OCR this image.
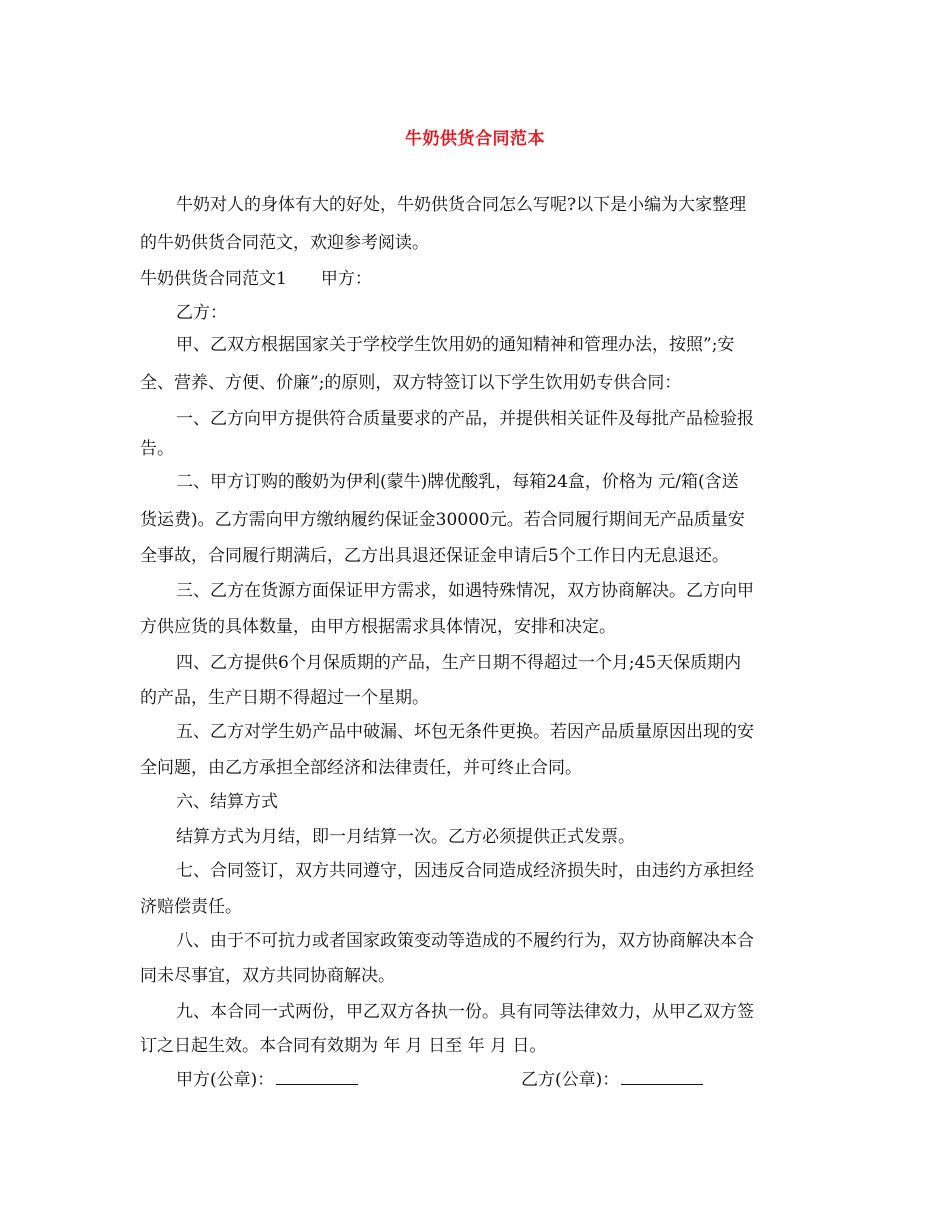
牛奶供货合同范本
牛奶对人的身体有大的好处，牛奶供货合同怎么写呢?以下是小编为大家整理
的牛奶供货合同范文，欢迎参考阅读。
牛奶供货合同范文1　　甲方：
乙方：
甲、乙双方根据国家关于学校学生饮用奶的通知精神和管理办法，按照”;安
全、营养、方便、价廉”;的原则，双方特签订以下学生饮用奶专供合同：
一、乙方向甲方提供符合质量要求的产品，并提供相关证件及每批产品检验报
告。
二、甲方订购的酸奶为伊利(蒙牛)牌优酸乳，每箱24盒，价格为 元/箱(含送
货运费)。乙方需向甲方缴纳履约保证金30000元。若合同履行期间无产品质量安
全事故，合同履行期满后，乙方出具退还保证金申请后5个工作日内无息退还。
三、乙方在货源方面保证甲方需求，如遇特殊情况，双方协商解决。乙方向甲
方供应货的具体数量，由甲方根据需求具体情况，安排和决定。
四、乙方提供6个月保质期的产品，生产日期不得超过一个月;45天保质期内
的产品，生产日期不得超过一个星期。
五、乙方对学生奶产品中破漏、坏包无条件更换。若因产品质量原因出现的安
全问题，由乙方承担全部经济和法律责任，并可终止合同。
六、结算方式
结算方式为月结，即一月结算一次。乙方必须提供正式发票。
七、合同签订，双方共同遵守，因违反合同造成经济损失时，由违约方承担经
济赔偿责任。
八、由于不可抗力或者国家政策变动等造成的不履约行为，双方协商解决本合
同未尽事宜，双方共同协商解决。
九、本合同一式两份，甲乙双方各执一份。具有同等法律效力，从甲乙双方签
订之日起生效。本合同有效期为 年 月 日至 年 月 日。
甲方(公章)：	乙方(公章)：
